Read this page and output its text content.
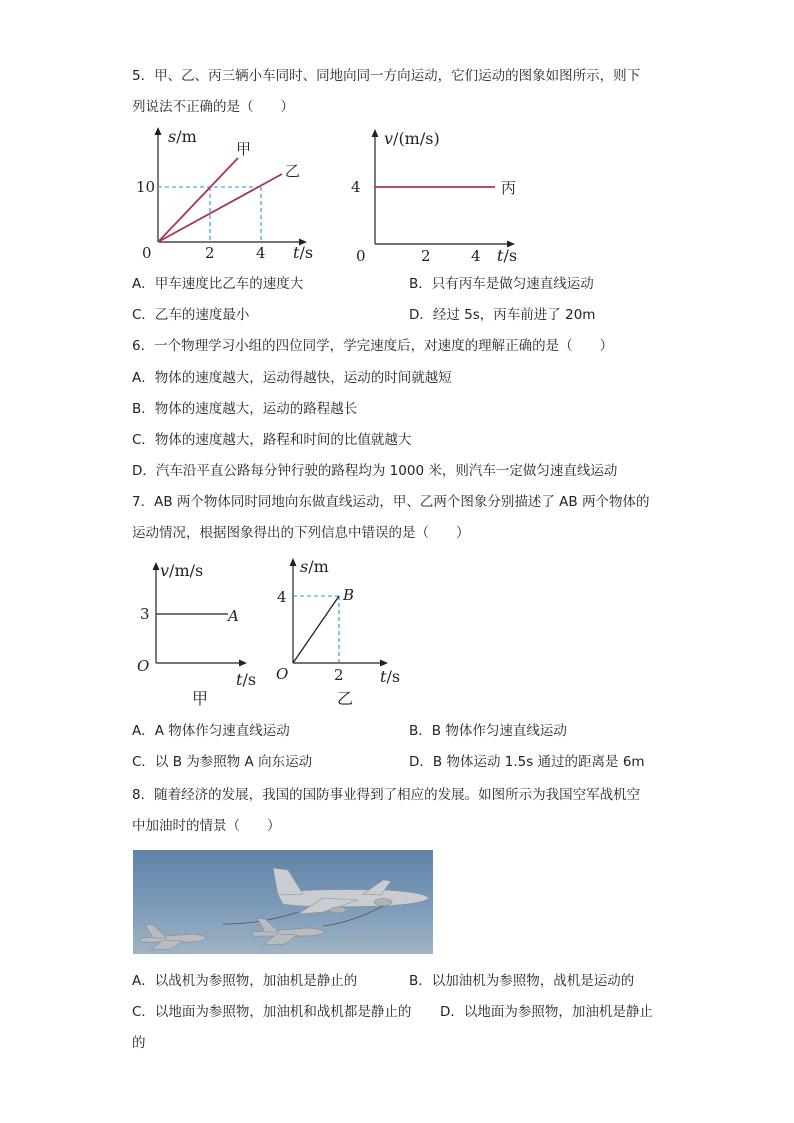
5．甲、乙、丙三辆小车同时、同地向同一方向运动，它们运动的图象如图所示，则下
列说法不正确的是（　　）
s/m
10
0	2	4 t/s
甲
乙
v/(m/s)
4
0	2	4 t/s
丙
A．甲车速度比乙车的速度大	B．只有丙车是做匀速直线运动
C．乙车的速度最小	D．经过 5s，丙车前进了 20m
6．一个物理学习小组的四位同学，学完速度后，对速度的理解正确的是（　　）
A．物体的速度越大，运动得越快，运动的时间就越短
B．物体的速度越大，运动的路程越长
C．物体的速度越大，路程和时间的比值就越大
D．汽车沿平直公路每分钟行驶的路程均为 1000 米，则汽车一定做匀速直线运动
7．AB 两个物体同时同地向东做直线运动，甲、乙两个图象分别描述了 AB 两个物体的
运动情况，根据图象得出的下列信息中错误的是（　　）
v/m/s
3	A
O
t/s
甲
s/m
4	B
O	2 t/s
乙
A．A 物体作匀速直线运动	B．B 物体作匀速直线运动
C．以 B 为参照物 A 向东运动	D．B 物体运动 1.5s 通过的距离是 6m
8．随着经济的发展，我国的国防事业得到了相应的发展。如图所示为我国空军战机空
中加油时的情景（　　）
A．以战机为参照物，加油机是静止的	B．以加油机为参照物，战机是运动的
C．以地面为参照物，加油机和战机都是静止的 D．以地面为参照物，加油机是静止
的
